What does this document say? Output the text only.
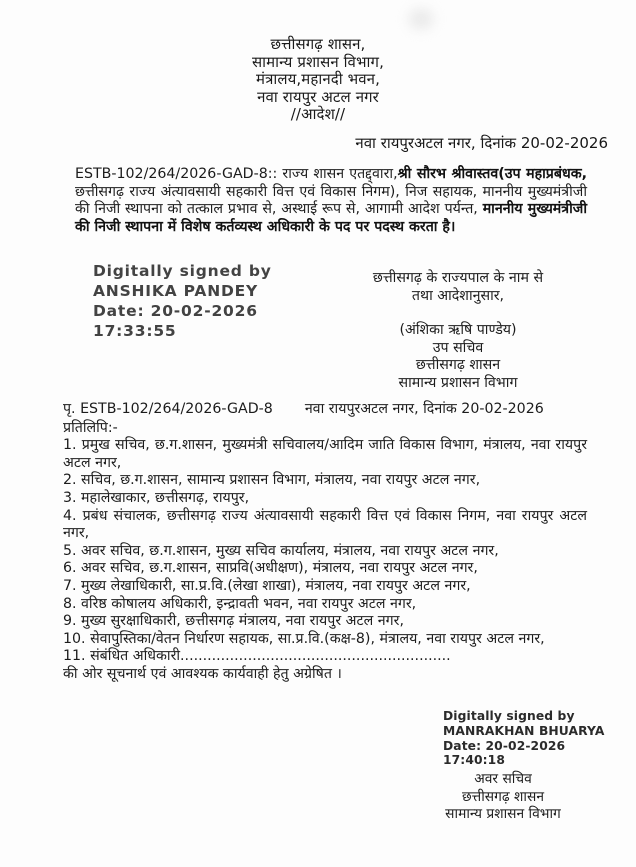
छत्तीसगढ़ शासन,
सामान्य प्रशासन विभाग,
मंत्रालय,महानदी भवन,
नवा रायपुर अटल नगर
//आदेश//
नवा रायपुरअटल नगर, दिनांक 20-02-2026
ESTB-102/264/2026-GAD-8:: राज्य शासन एतद्द्वारा,श्री सौरभ श्रीवास्तव(उप महाप्रबंधक, छत्तीसगढ़ राज्य अंत्यावसायी सहकारी वित्त एवं विकास निगम), निज सहायक, माननीय मुख्यमंत्रीजी की निजी स्थापना को तत्काल प्रभाव से, अस्थाई रूप से, आगामी आदेश पर्यन्त, माननीय मुख्यमंत्रीजी की निजी स्थापना में विशेष कर्तव्यस्थ अधिकारी के पद पर पदस्थ करता है।
Digitally signed by
ANSHIKA PANDEY
Date: 20-02-2026
17:33:55
छत्तीसगढ़ के राज्यपाल के नाम से
तथा आदेशानुसार,
(अंशिका ऋषि पाण्डेय)
उप सचिव
छत्तीसगढ़ शासन
सामान्य प्रशासन विभाग
पृ. ESTB-102/264/2026-GAD-8 नवा रायपुरअटल नगर, दिनांक 20-02-2026
प्रतिलिपि:-
1. प्रमुख सचिव, छ.ग.शासन, मुख्यमंत्री सचिवालय/आदिम जाति विकास विभाग, मंत्रालय, नवा रायपुर अटल नगर,
2. सचिव, छ.ग.शासन, सामान्य प्रशासन विभाग, मंत्रालय, नवा रायपुर अटल नगर,
3. महालेखाकार, छत्तीसगढ़, रायपुर,
4. प्रबंध संचालक, छत्तीसगढ़ राज्य अंत्यावसायी सहकारी वित्त एवं विकास निगम, नवा रायपुर अटल नगर,
5. अवर सचिव, छ.ग.शासन, मुख्य सचिव कार्यालय, मंत्रालय, नवा रायपुर अटल नगर,
6. अवर सचिव, छ.ग.शासन, साप्रवि(अधीक्षण), मंत्रालय, नवा रायपुर अटल नगर,
7. मुख्य लेखाधिकारी, सा.प्र.वि.(लेखा शाखा), मंत्रालय, नवा रायपुर अटल नगर,
8. वरिष्ठ कोषालय अधिकारी, इन्द्रावती भवन, नवा रायपुर अटल नगर,
9. मुख्य सुरक्षाधिकारी, छत्तीसगढ़ मंत्रालय, नवा रायपुर अटल नगर,
10. सेवापुस्तिका/वेतन निर्धारण सहायक, सा.प्र.वि.(कक्ष-8), मंत्रालय, नवा रायपुर अटल नगर,
11. संबंधित अधिकारी............................................................
की ओर सूचनार्थ एवं आवश्यक कार्यवाही हेतु अग्रेषित ।
Digitally signed by
MANRAKHAN BHUARYA
Date: 20-02-2026
17:40:18
अवर सचिव
छत्तीसगढ़ शासन
सामान्य प्रशासन विभाग
